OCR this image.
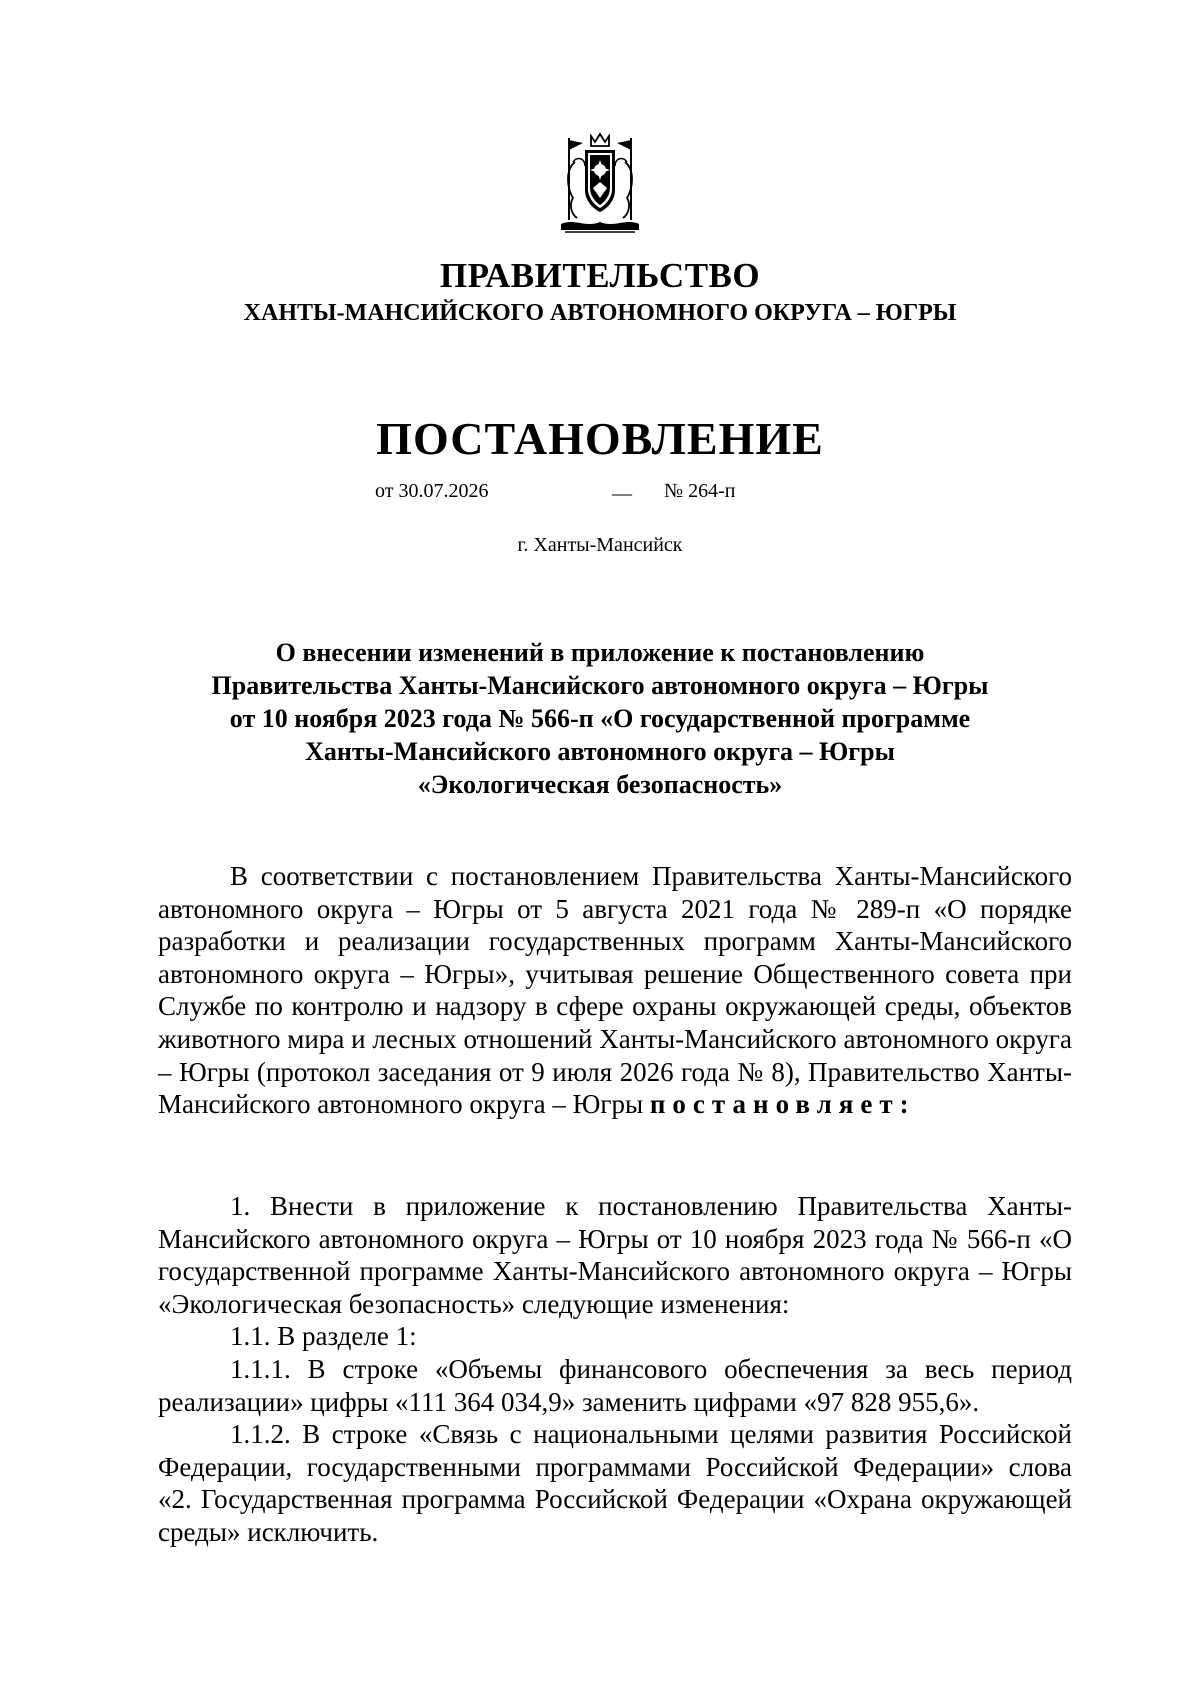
ПРАВИТЕЛЬСТВО
ХАНТЫ-МАНСИЙСКОГО АВТОНОМНОГО ОКРУГА – ЮГРЫ
ПОСТАНОВЛЕНИЕ
от 30.07.2026	__ № 264-п
г. Ханты-Мансийск
О внесении изменений в приложение к постановлению
Правительства Ханты-Мансийского автономного округа – Югры
от 10 ноября 2023 года № 566-п «О государственной программе
Ханты-Мансийского автономного округа – Югры
«Экологическая безопасность»

В соответствии с постановлением Правительства Ханты-Мансийского автономного округа – Югры от 5 августа 2021 года № 289-п «О порядке разработки и реализации государственных программ Ханты-Мансийского автономного округа – Югры», учитывая решение Общественного совета при Службе по контролю и надзору в сфере охраны окружающей среды, объектов животного мира и лесных отношений Ханты-Мансийского автономного округа – Югры (протокол заседания от 9 июля 2026 года № 8), Правительство Ханты-Мансийского автономного округа – Югры постановляет:

1. Внести в приложение к постановлению Правительства Ханты-Мансийского автономного округа – Югры от 10 ноября 2023 года № 566-п «О государственной программе Ханты-Мансийского автономного округа – Югры «Экологическая безопасность» следующие изменения:

1.1. В разделе 1:

1.1.1. В строке «Объемы финансового обеспечения за весь период реализации» цифры «111 364 034,9» заменить цифрами «97 828 955,6».

1.1.2. В строке «Связь с национальными целями развития Российской Федерации, государственными программами Российской Федерации» слова «2. Государственная программа Российской Федерации «Охрана окружающей среды» исключить.
